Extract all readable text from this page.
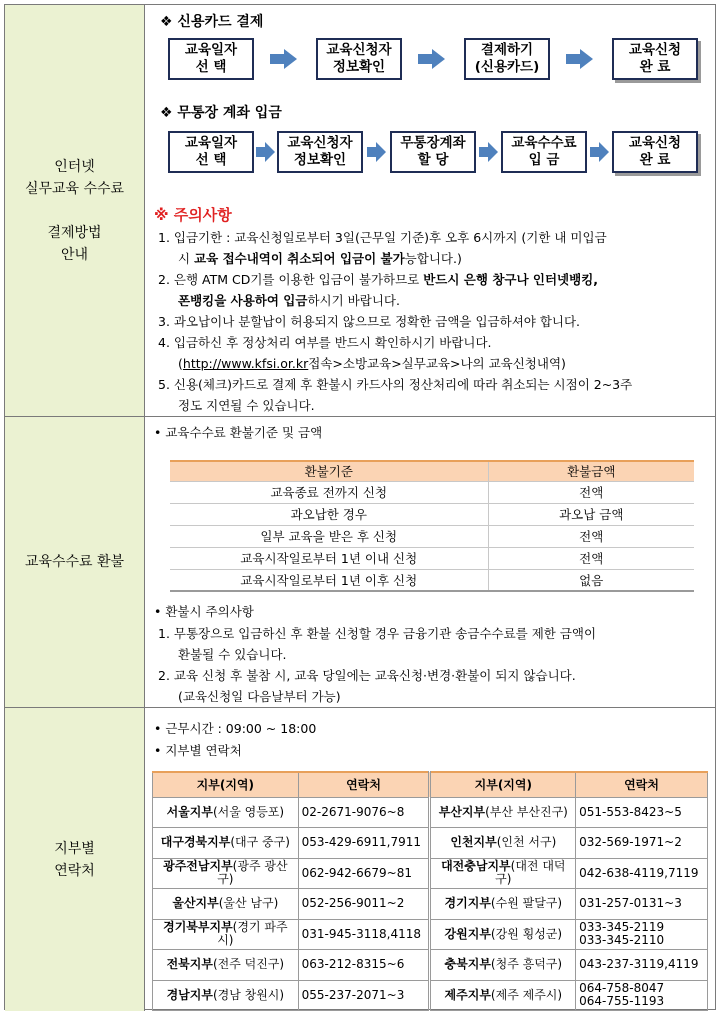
인터넷
실무교육 수수료
결제방법
안내
❖ 신용카드 결제
교육일자
선 택
교육신청자
정보확인
결제하기
(신용카드)
교육신청
완 료
❖ 무통장 계좌 입금
교육일자
선 택
교육신청자
정보확인
무통장계좌
할 당
교육수수료
입 금
교육신청
완 료
※ 주의사항
1. 입금기한 : 교육신청일로부터 3일(근무일 기준)후 오후 6시까지 (기한 내 미입금
시 교육 접수내역이 취소되어 입금이 불가능합니다.)
2. 은행 ATM CD기를 이용한 입금이 불가하므로 반드시 은행 창구나 인터넷뱅킹,
폰뱅킹을 사용하여 입금하시기 바랍니다.
3. 과오납이나 분할납이 허용되지 않으므로 정확한 금액을 입금하셔야 합니다.
4. 입금하신 후 정상처리 여부를 반드시 확인하시기 바랍니다.
(http://www.kfsi.or.kr접속>소방교육>실무교육>나의 교육신청내역)
5. 신용(체크)카드로 결제 후 환불시 카드사의 정산처리에 따라 취소되는 시점이 2~3주
정도 지연될 수 있습니다.
교육수수료 환불
• 교육수수료 환불기준 및 금액
환불기준	환불금액
교육종료 전까지 신청	전액
과오납한 경우	과오납 금액
일부 교육을 받은 후 신청	전액
교육시작일로부터 1년 이내 신청	전액
교육시작일로부터 1년 이후 신청	없음
• 환불시 주의사항
1. 무통장으로 입금하신 후 환불 신청할 경우 금융기관 송금수수료를 제한 금액이
환불될 수 있습니다.
2. 교육 신청 후 불참 시, 교육 당일에는 교육신청·변경·환불이 되지 않습니다.
(교육신청일 다음날부터 가능)
지부별
연락처
• 근무시간 : 09:00 ~ 18:00
• 지부별 연락처
지부(지역)	연락처	지부(지역)	연락처
서울지부(서울 영등포)	02-2671-9076~8	부산지부(부산 부산진구)	051-553-8423~5
대구경북지부(대구 중구)	053-429-6911,7911	인천지부(인천 서구)	032-569-1971~2
광주전남지부(광주 광산구)	062-942-6679~81	대전충남지부(대전 대덕구)	042-638-4119,7119
울산지부(울산 남구)	052-256-9011~2	경기지부(수원 팔달구)	031-257-0131~3
경기북부지부(경기 파주시)	031-945-3118,4118	강원지부(강원 횡성군)	033-345-2119
033-345-2110
전북지부(전주 덕진구)	063-212-8315~6	충북지부(청주 흥덕구)	043-237-3119,4119
경남지부(경남 창원시)	055-237-2071~3	제주지부(제주 제주시)	064-758-8047
064-755-1193
